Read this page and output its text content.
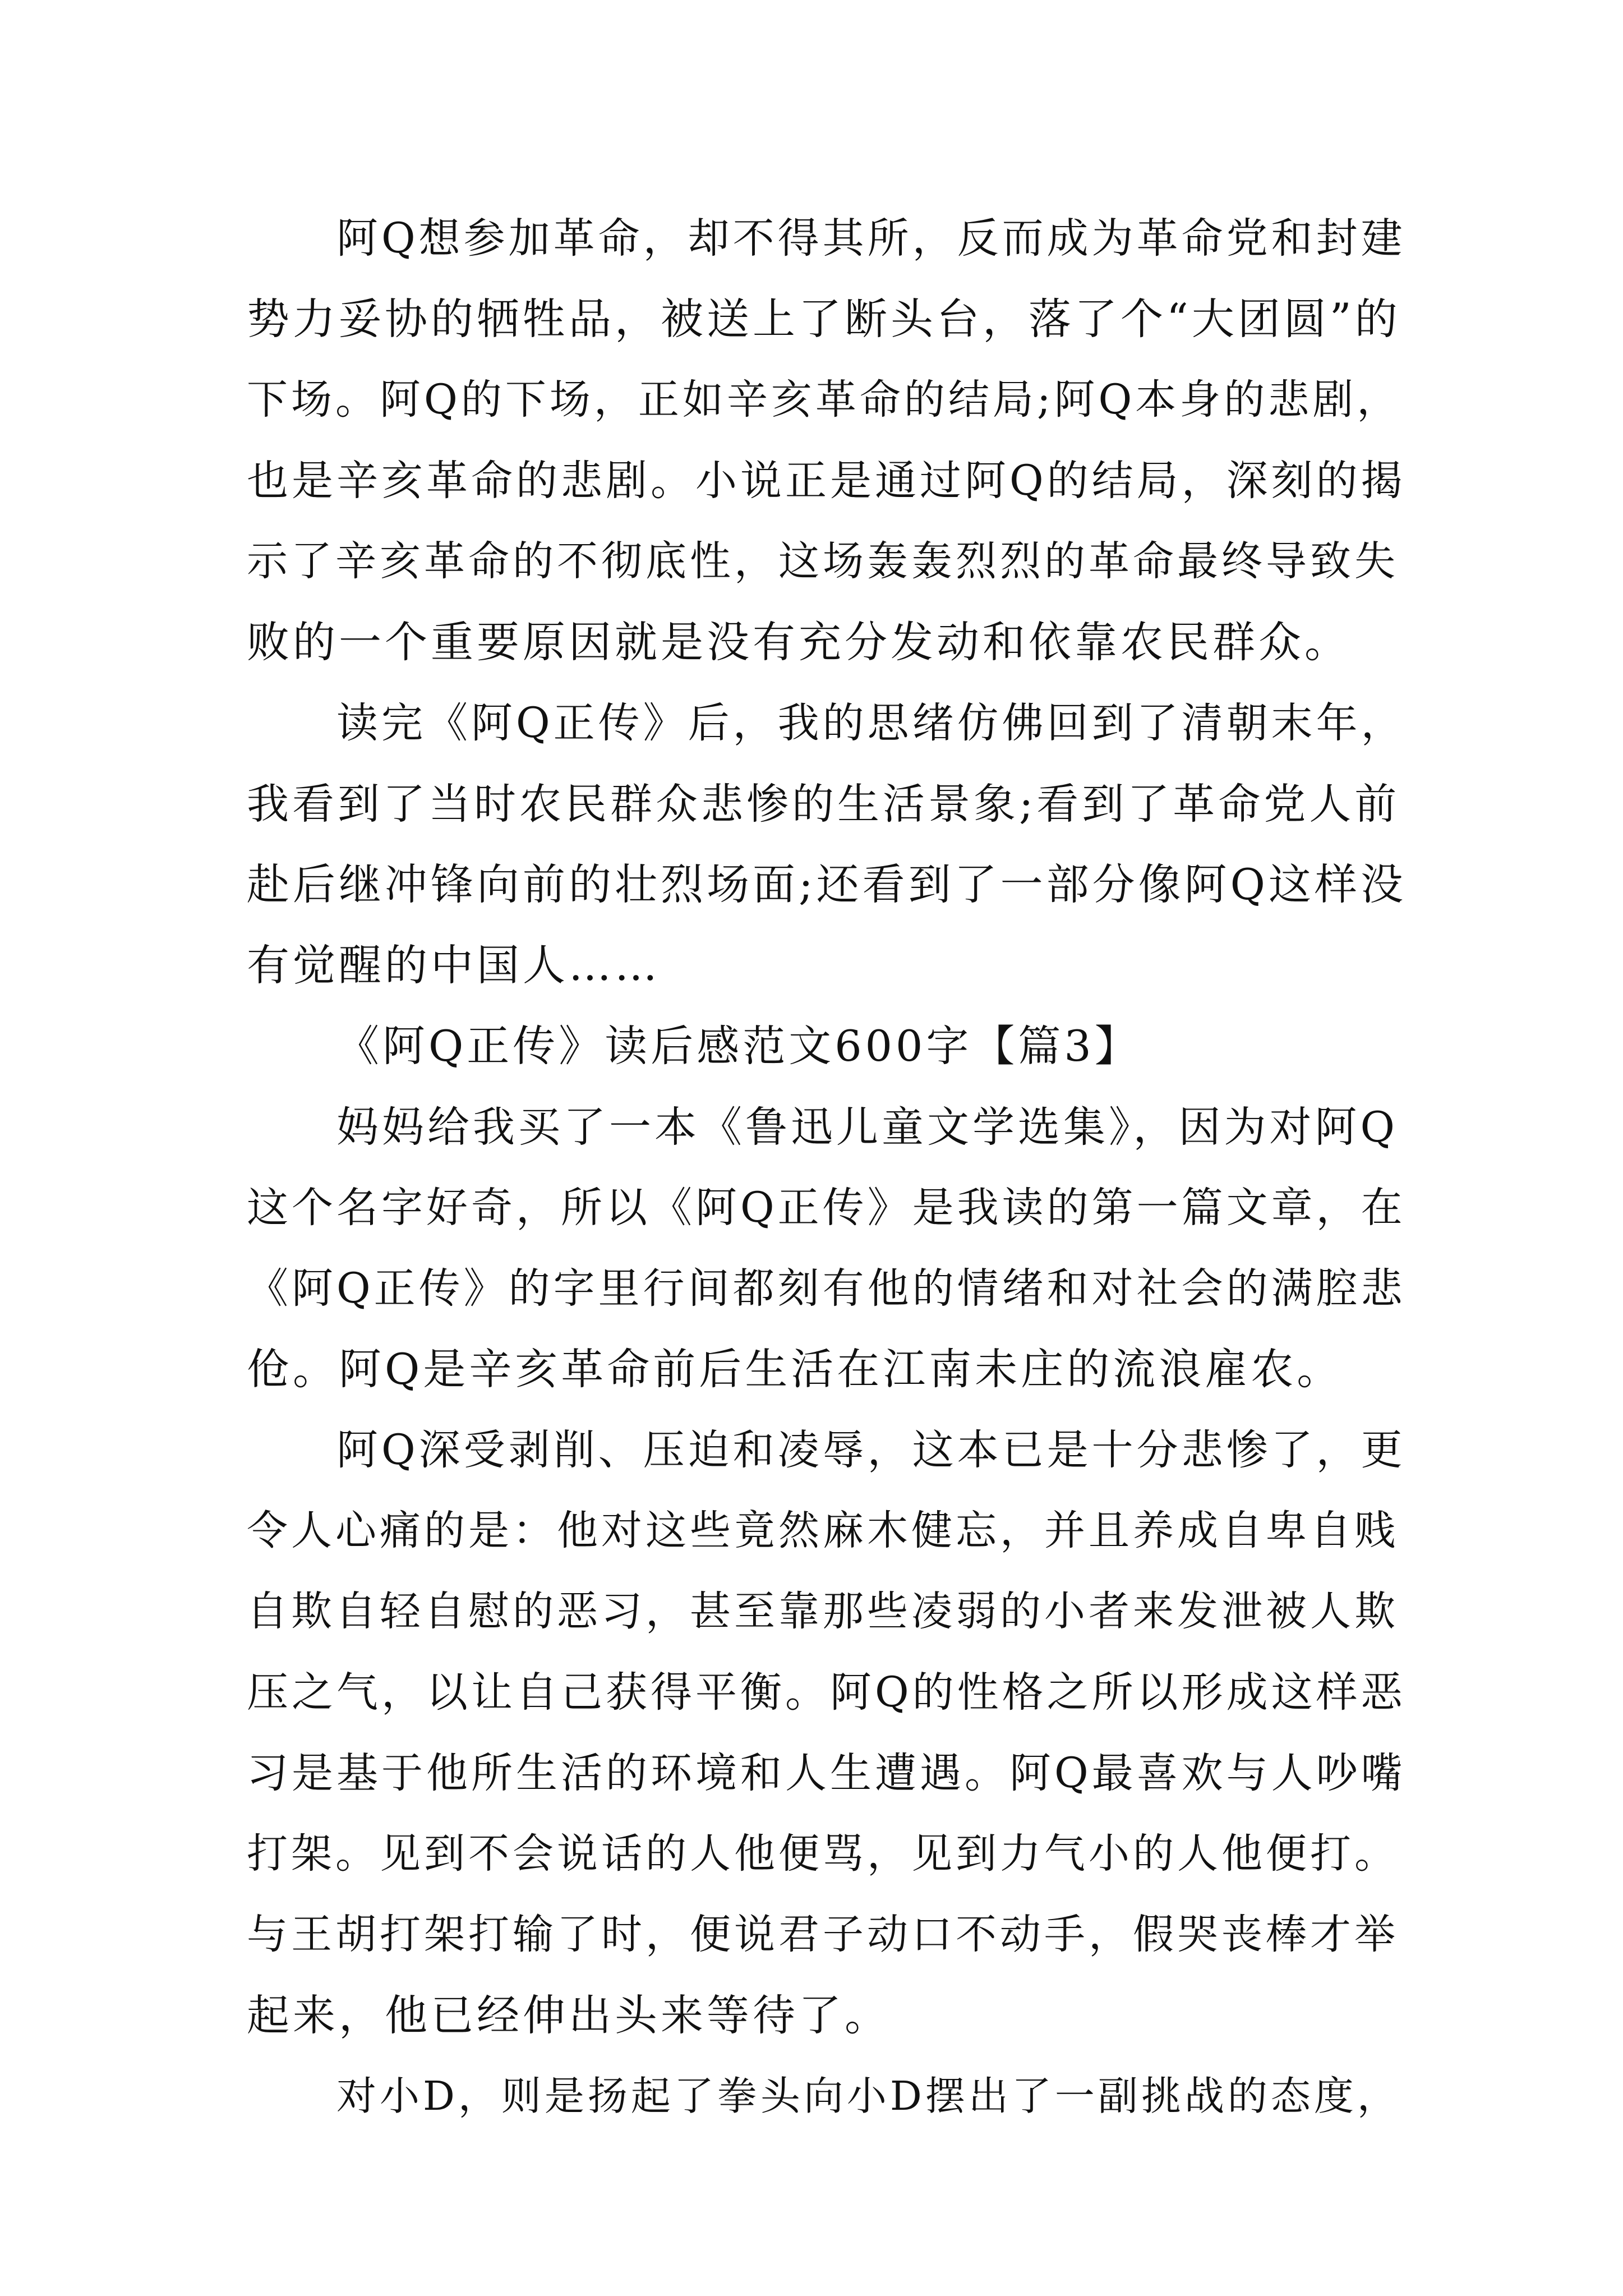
阿Q想参加革命，却不得其所，反而成为革命党和封建
势力妥协的牺牲品，被送上了断头台，落了个“大团圆”的
下场。阿Q的下场，正如辛亥革命的结局;阿Q本身的悲剧，
也是辛亥革命的悲剧。小说正是通过阿Q的结局，深刻的揭
示了辛亥革命的不彻底性，这场轰轰烈烈的革命最终导致失
败的一个重要原因就是没有充分发动和依靠农民群众。
读完《阿Q正传》后，我的思绪仿佛回到了清朝末年，
我看到了当时农民群众悲惨的生活景象;看到了革命党人前
赴后继冲锋向前的壮烈场面;还看到了一部分像阿Q这样没
有觉醒的中国人……
《阿Q正传》读后感范文600字【篇3】
妈妈给我买了一本《鲁迅儿童文学选集》，因为对阿Q
这个名字好奇，所以《阿Q正传》是我读的第一篇文章，在
《阿Q正传》的字里行间都刻有他的情绪和对社会的满腔悲
伧。阿Q是辛亥革命前后生活在江南未庄的流浪雇农。
阿Q深受剥削、压迫和凌辱，这本已是十分悲惨了，更
令人心痛的是：他对这些竟然麻木健忘，并且养成自卑自贱
自欺自轻自慰的恶习，甚至靠那些凌弱的小者来发泄被人欺
压之气，以让自己获得平衡。阿Q的性格之所以形成这样恶
习是基于他所生活的环境和人生遭遇。阿Q最喜欢与人吵嘴
打架。见到不会说话的人他便骂，见到力气小的人他便打。
与王胡打架打输了时，便说君子动口不动手，假哭丧棒才举
起来，他已经伸出头来等待了。
对小D，则是扬起了拳头向小D摆出了一副挑战的态度，
